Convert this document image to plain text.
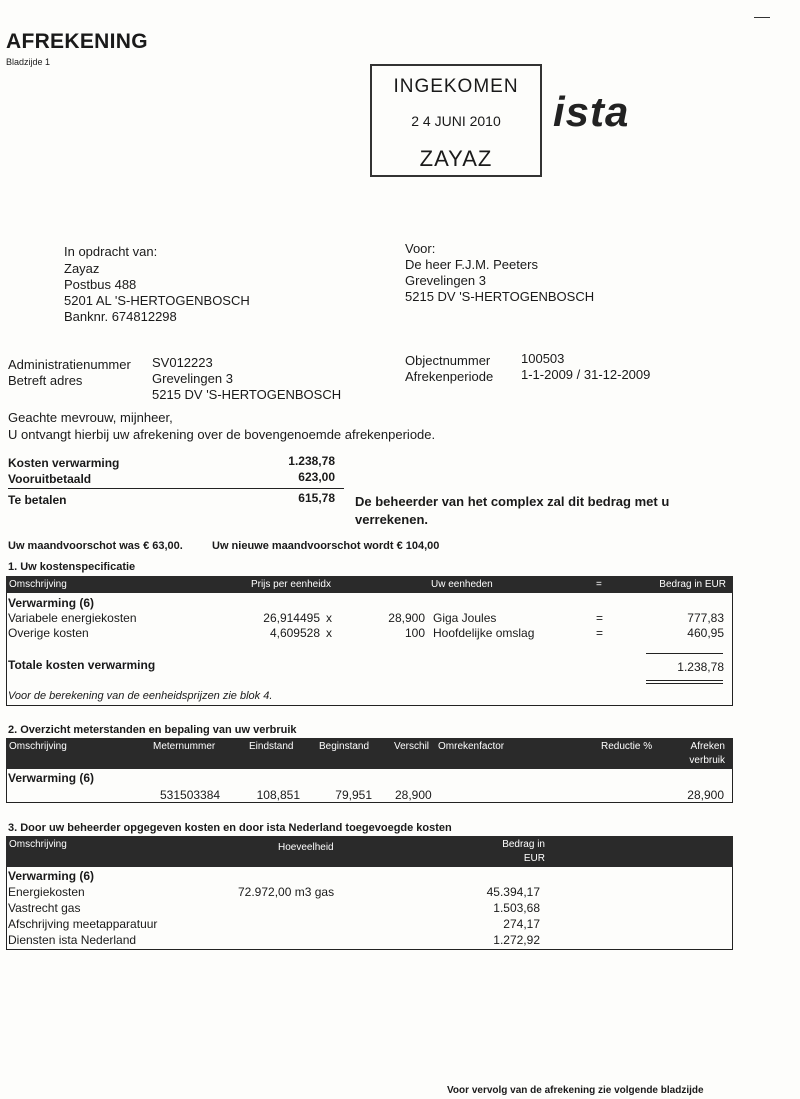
AFREKENING
Bladzijde 1
INGEKOMEN
2 4 JUNI 2010
ZAYAZ
ista
In opdracht van:
Zayaz
Postbus 488
5201 AL 'S-HERTOGENBOSCH
Banknr. 674812298
Voor:
De heer F.J.M. Peeters
Grevelingen 3
5215 DV 'S-HERTOGENBOSCH
Administratienummer SV012223
Betreft adres	Grevelingen 3
5215 DV 'S-HERTOGENBOSCH
Objectnummer 100503
Afrekenperiode 1-1-2009 / 31-12-2009
Geachte mevrouw, mijnheer,
U ontvangt hierbij uw afrekening over de bovengenoemde afrekenperiode.
Kosten verwarming	1.238,78
Vooruitbetaald	623,00
Te betalen	615,78 De beheerder van het complex zal dit bedrag met u
verrekenen.
Uw maandvoorschot was € 63,00.	Uw nieuwe maandvoorschot wordt € 104,00
1. Uw kostenspecificatie
Omschrijving	Prijs per eenheid x	Uw eenheden	=	Bedrag in EUR
Verwarming (6)
Variabele energiekosten	26,914495 x	28,900 Giga Joules	=	777,83
Overige kosten	4,609528 x	100 Hoofdelijke omslag	=	460,95
Totale kosten verwarming	1.238,78
Voor de berekening van de eenheidsprijzen zie blok 4.
2. Overzicht meterstanden en bepaling van uw verbruik
Omschrijving	Meternummer	Eindstand	Beginstand Verschil Omrekenfactor	Reductie %	Afreken
verbruik
Verwarming (6)
531503384	108,851	79,951 28,900	28,900
3. Door uw beheerder opgegeven kosten en door ista Nederland toegevoegde kosten
Omschrijving	Hoeveelheid	Bedrag in
EUR
Verwarming (6)
Energiekosten	72.972,00 m3 gas	45.394,17
Vastrecht gas	1.503,68
Afschrijving meetapparatuur	274,17
Diensten ista Nederland	1.272,92
Voor vervolg van de afrekening zie volgende bladzijde
